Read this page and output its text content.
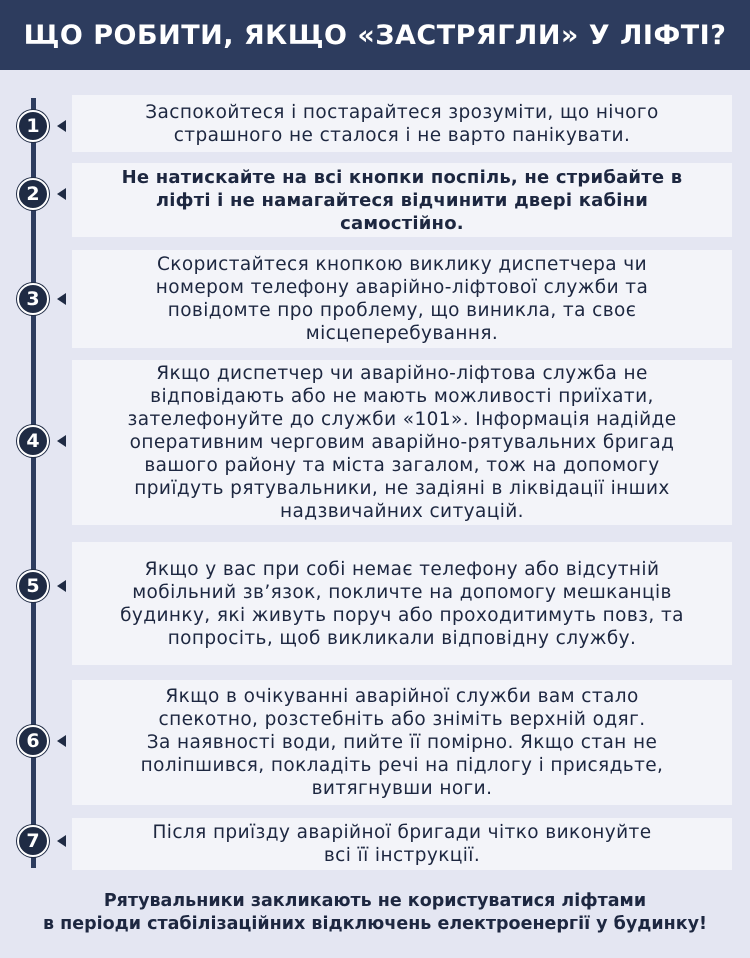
ЩО РОБИТИ, ЯКЩО «ЗАСТРЯГЛИ» У ЛІФТІ?
1

Заспокойтеся і постарайтеся зрозуміти, що нічого
страшного не сталося і не варто панікувати.

2

Не натискайте на всі кнопки поспіль, не стрибайте в
ліфті і не намагайтеся відчинити двері кабіни
самостійно.

3

Скористайтеся кнопкою виклику диспетчера чи
номером телефону аварійно-ліфтової служби та
повідомте про проблему, що виникла, та своє
місцеперебування.

4

Якщо диспетчер чи аварійно-ліфтова служба не
відповідають або не мають можливості приїхати,
зателефонуйте до служби «101». Інформація надійде
оперативним черговим аварійно-рятувальних бригад
вашого району та міста загалом, тож на допомогу
приїдуть рятувальники, не задіяні в ліквідації інших
надзвичайних ситуацій.

5

Якщо у вас при собі немає телефону або відсутній
мобільний зв’язок, покличте на допомогу мешканців
будинку, які живуть поруч або проходитимуть повз, та
попросіть, щоб викликали відповідну службу.

6

Якщо в очікуванні аварійної служби вам стало
спекотно, розстебніть або зніміть верхній одяг.
За наявності води, пийте її помірно. Якщо стан не
поліпшився, покладіть речі на підлогу і присядьте,
витягнувши ноги.

7	Після приїзду аварійної бригади чітко виконуйте
всі її інструкції.

Рятувальники закликають не користуватися ліфтами

в періоди стабілізаційних відключень електроенергії у будинку!
